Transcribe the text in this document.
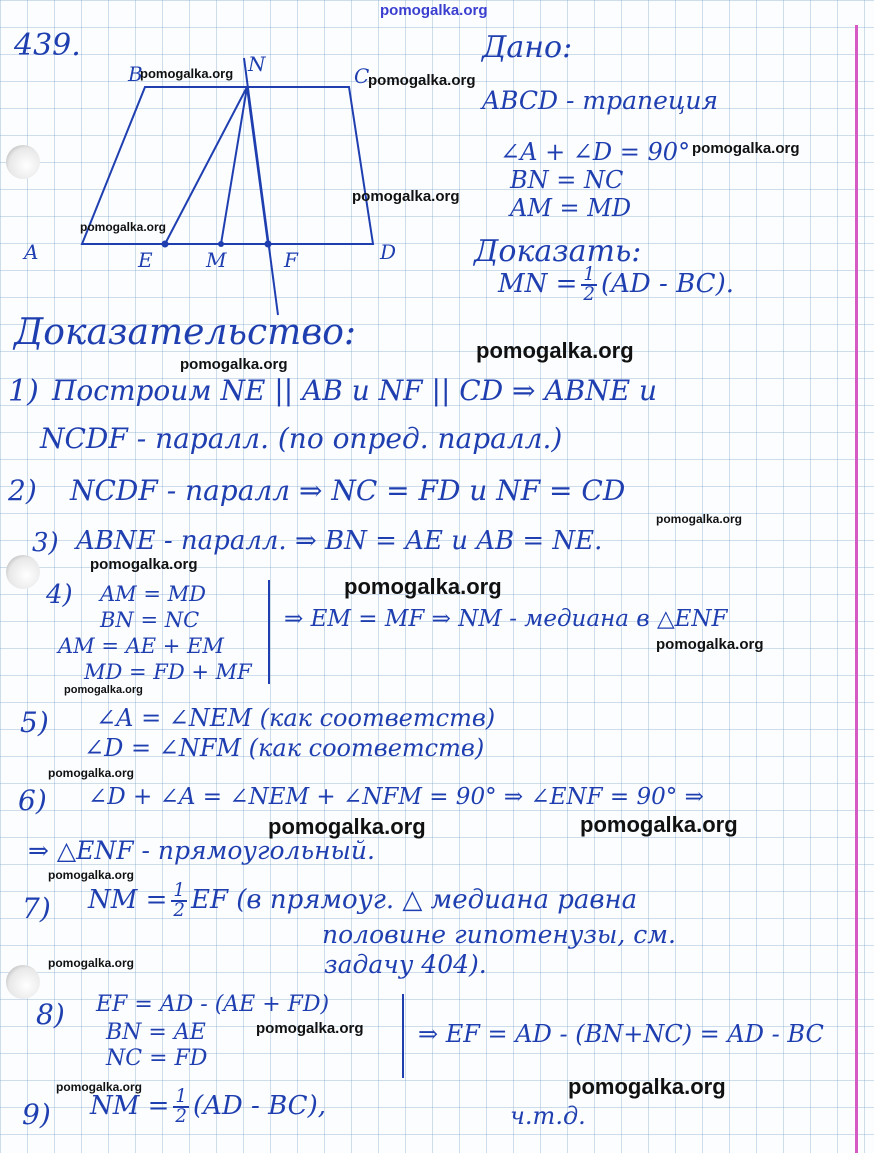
pomogalka.org
439.
B	N	C
A	E	M	F	D
Дано:
ABCD - трапеция
∠A + ∠D = 90°
BN = NC
AM = MD
Доказать:
MN = $\frac{1}{2} (AD - BC)$.
Доказательство:
1) Построим NE || AB и NF || CD ⇒ ABNE и
NCDF - паралл. (по опред. паралл.)
2) NCDF - паралл ⇒ NC = FD и NF = CD
3) ABNE - паралл. ⇒ BN = AE и AB = NE.
4) AM = MD
BN = NC
AM = AE + EM
MD = FD + MF
⇒ EM = MF ⇒ NM - медиана в △ENF
5) ∠A = ∠NEM (как соответств)
∠D = ∠NFM (как соответств)
6) ∠D + ∠A = ∠NEM + ∠NFM = 90° ⇒ ∠ENF = 90° ⇒
⇒ △ENF - прямоугольный.
7) NM = $\frac{1}{2}$ EF (в прямоуг. △ медиана равна
половине гипотенузы, см.
задачу 404).
8) EF = AD - (AE + FD)
BN = AE
NC = FD
⇒ EF = AD - (BN+NC) = AD - BC
9) NM = $\frac{1}{2} (AD - BC)$,	ч.т.д.
pomogalka.org	pomogalka.org
pomogalka.org
pomogalka.org
pomogalka.org
pomogalka.org
pomogalka.org
pomogalka.org
pomogalka.org
pomogalka.org
pomogalka.org
pomogalka.org
pomogalka.org
pomogalka.org	pomogalka.org
pomogalka.org
pomogalka.org
pomogalka.org
pomogalka.org	pomogalka.org
